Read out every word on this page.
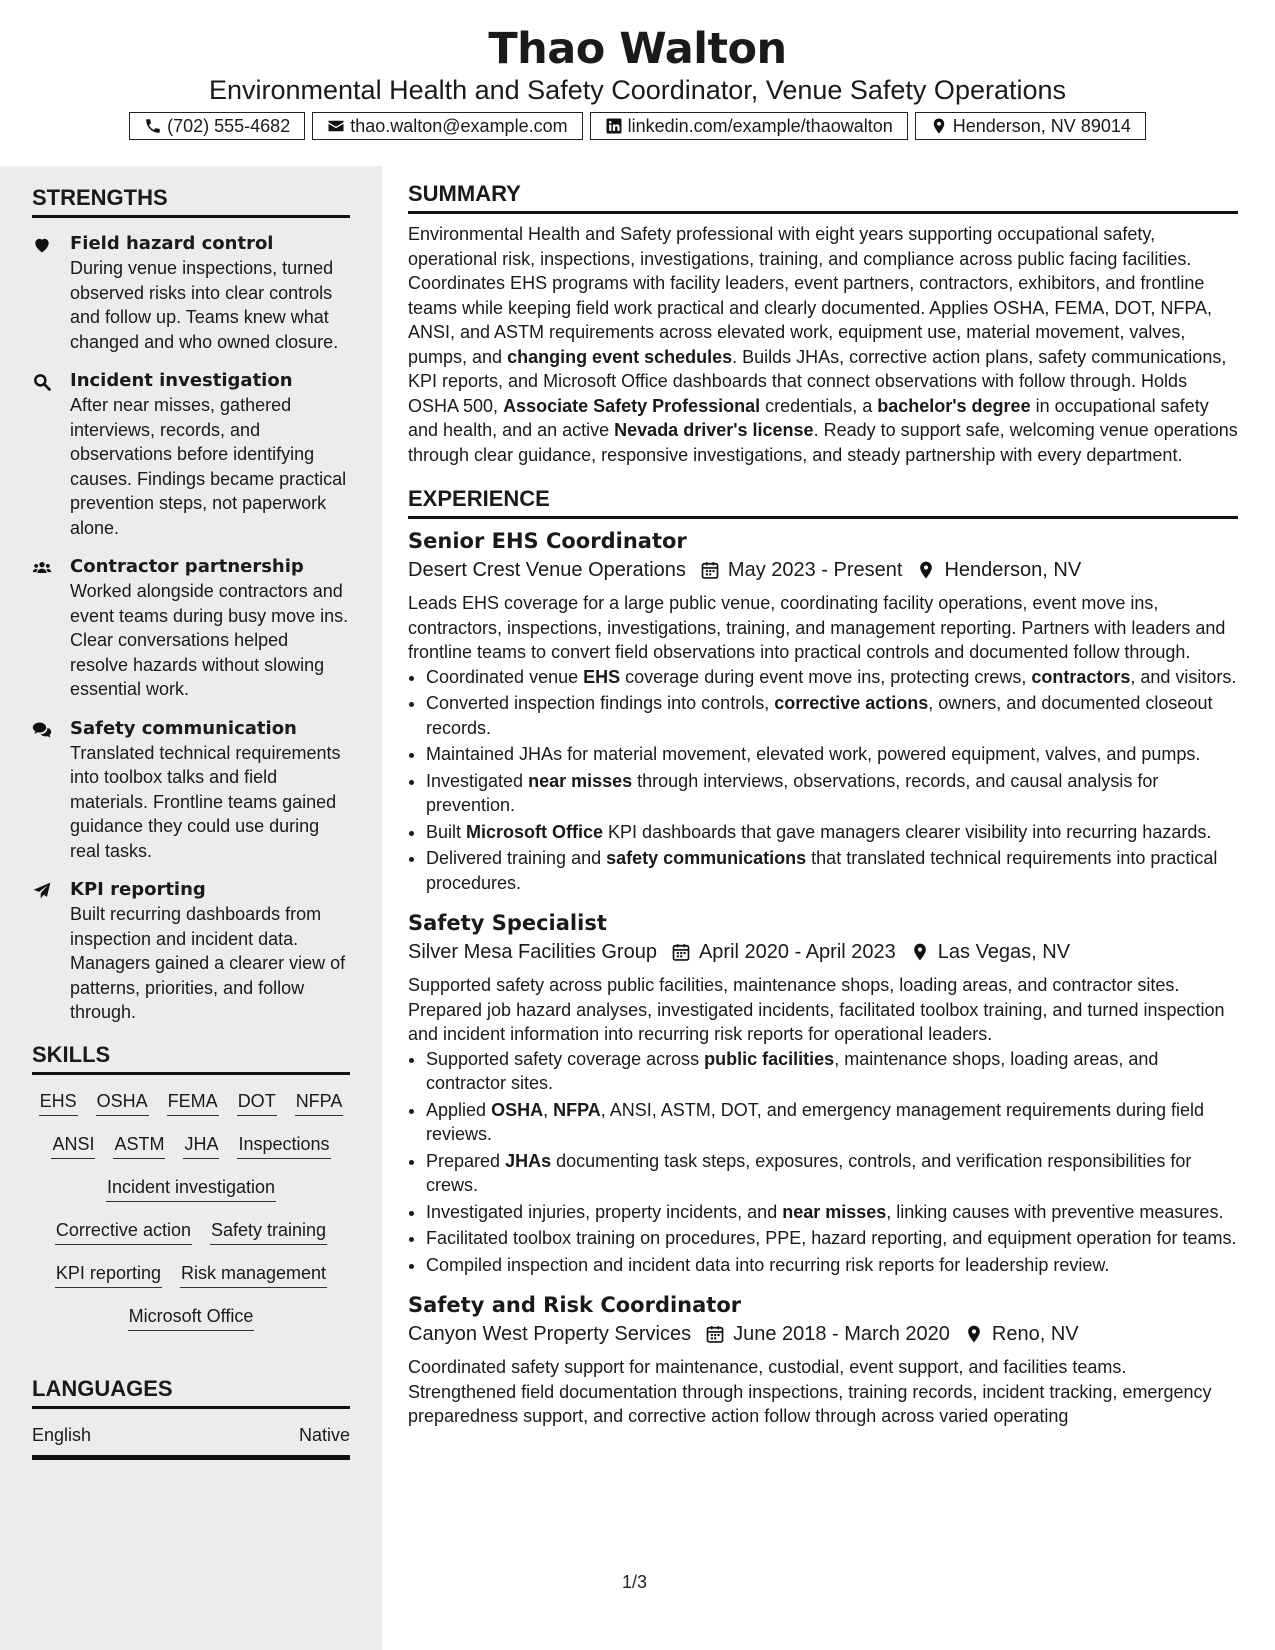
Thao Walton
Environmental Health and Safety Coordinator, Venue Safety Operations
(702) 555-4682	thao.walton@example.com	linkedin.com/example/thaowalton	Henderson, NV 89014
STRENGTHS
Field hazard control
During venue inspections, turned observed risks into clear controls and follow up. Teams knew what changed and who owned closure.
Incident investigation
After near misses, gathered interviews, records, and observations before identifying causes. Findings became practical prevention steps, not paperwork alone.
Contractor partnership
Worked alongside contractors and event teams during busy move ins. Clear conversations helped resolve hazards without slowing essential work.
Safety communication
Translated technical requirements into toolbox talks and field materials. Frontline teams gained guidance they could use during real tasks.
KPI reporting
Built recurring dashboards from inspection and incident data. Managers gained a clearer view of patterns, priorities, and follow through.
SKILLS
EHS OSHA FEMA DOT NFPA
ANSI ASTM JHA Inspections
Incident investigation
Corrective action Safety training
KPI reporting Risk management
Microsoft Office
LANGUAGES
English	Native
SUMMARY
Environmental Health and Safety professional with eight years supporting occupational safety, operational risk, inspections, investigations, training, and compliance across public facing facilities. Coordinates EHS programs with facility leaders, event partners, contractors, exhibitors, and frontline teams while keeping field work practical and clearly documented. Applies OSHA, FEMA, DOT, NFPA, ANSI, and ASTM requirements across elevated work, equipment use, material movement, valves, pumps, and changing event schedules. Builds JHAs, corrective action plans, safety communications, KPI reports, and Microsoft Office dashboards that connect observations with follow through. Holds OSHA 500, Associate Safety Professional credentials, a bachelor's degree in occupational safety and health, and an active Nevada driver's license. Ready to support safe, welcoming venue operations through clear guidance, responsive investigations, and steady partnership with every department.
EXPERIENCE
Senior EHS Coordinator
Desert Crest Venue Operations May 2023 - Present Henderson, NV
Leads EHS coverage for a large public venue, coordinating facility operations, event move ins, contractors, inspections, investigations, training, and management reporting. Partners with leaders and frontline teams to convert field observations into practical controls and documented follow through.
• Coordinated venue EHS coverage during event move ins, protecting crews, contractors, and visitors.
• Converted inspection findings into controls, corrective actions, owners, and documented closeout records.
• Maintained JHAs for material movement, elevated work, powered equipment, valves, and pumps.
• Investigated near misses through interviews, observations, records, and causal analysis for prevention.
• Built Microsoft Office KPI dashboards that gave managers clearer visibility into recurring hazards.
• Delivered training and safety communications that translated technical requirements into practical procedures.
Safety Specialist
Silver Mesa Facilities Group April 2020 - April 2023 Las Vegas, NV
Supported safety across public facilities, maintenance shops, loading areas, and contractor sites. Prepared job hazard analyses, investigated incidents, facilitated toolbox training, and turned inspection and incident information into recurring risk reports for operational leaders.
• Supported safety coverage across public facilities, maintenance shops, loading areas, and contractor sites.
• Applied OSHA, NFPA, ANSI, ASTM, DOT, and emergency management requirements during field reviews.
• Prepared JHAs documenting task steps, exposures, controls, and verification responsibilities for crews.
• Investigated injuries, property incidents, and near misses, linking causes with preventive measures.
• Facilitated toolbox training on procedures, PPE, hazard reporting, and equipment operation for teams.
• Compiled inspection and incident data into recurring risk reports for leadership review.
Safety and Risk Coordinator
Canyon West Property Services June 2018 - March 2020 Reno, NV
Coordinated safety support for maintenance, custodial, event support, and facilities teams. Strengthened field documentation through inspections, training records, incident tracking, emergency preparedness support, and corrective action follow through across varied operating
1/3
